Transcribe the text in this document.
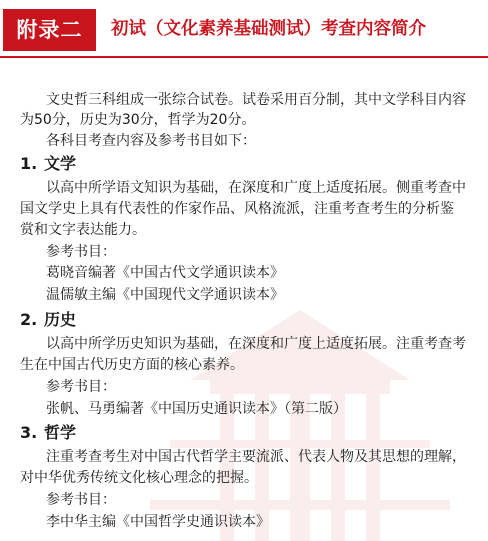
附录二	初试（文化素养基础测试）考查内容简介
文史哲三科组成一张综合试卷。试卷采用百分制，其中文学科目内容
为50分，历史为30分，哲学为20分。
各科目考查内容及参考书目如下：
1. 文学
以高中所学语文知识为基础，在深度和广度上适度拓展。侧重考查中
国文学史上具有代表性的作家作品、风格流派，注重考查考生的分析鉴
赏和文字表达能力。
参考书目：
葛晓音编著《中国古代文学通识读本》
温儒敏主编《中国现代文学通识读本》
2. 历史
以高中所学历史知识为基础，在深度和广度上适度拓展。注重考查考
生在中国古代历史方面的核心素养。
参考书目：
张帆、马勇编著《中国历史通识读本》（第二版）
3. 哲学
注重考查考生对中国古代哲学主要流派、代表人物及其思想的理解，
对中华优秀传统文化核心理念的把握。
参考书目：
李中华主编《中国哲学史通识读本》
